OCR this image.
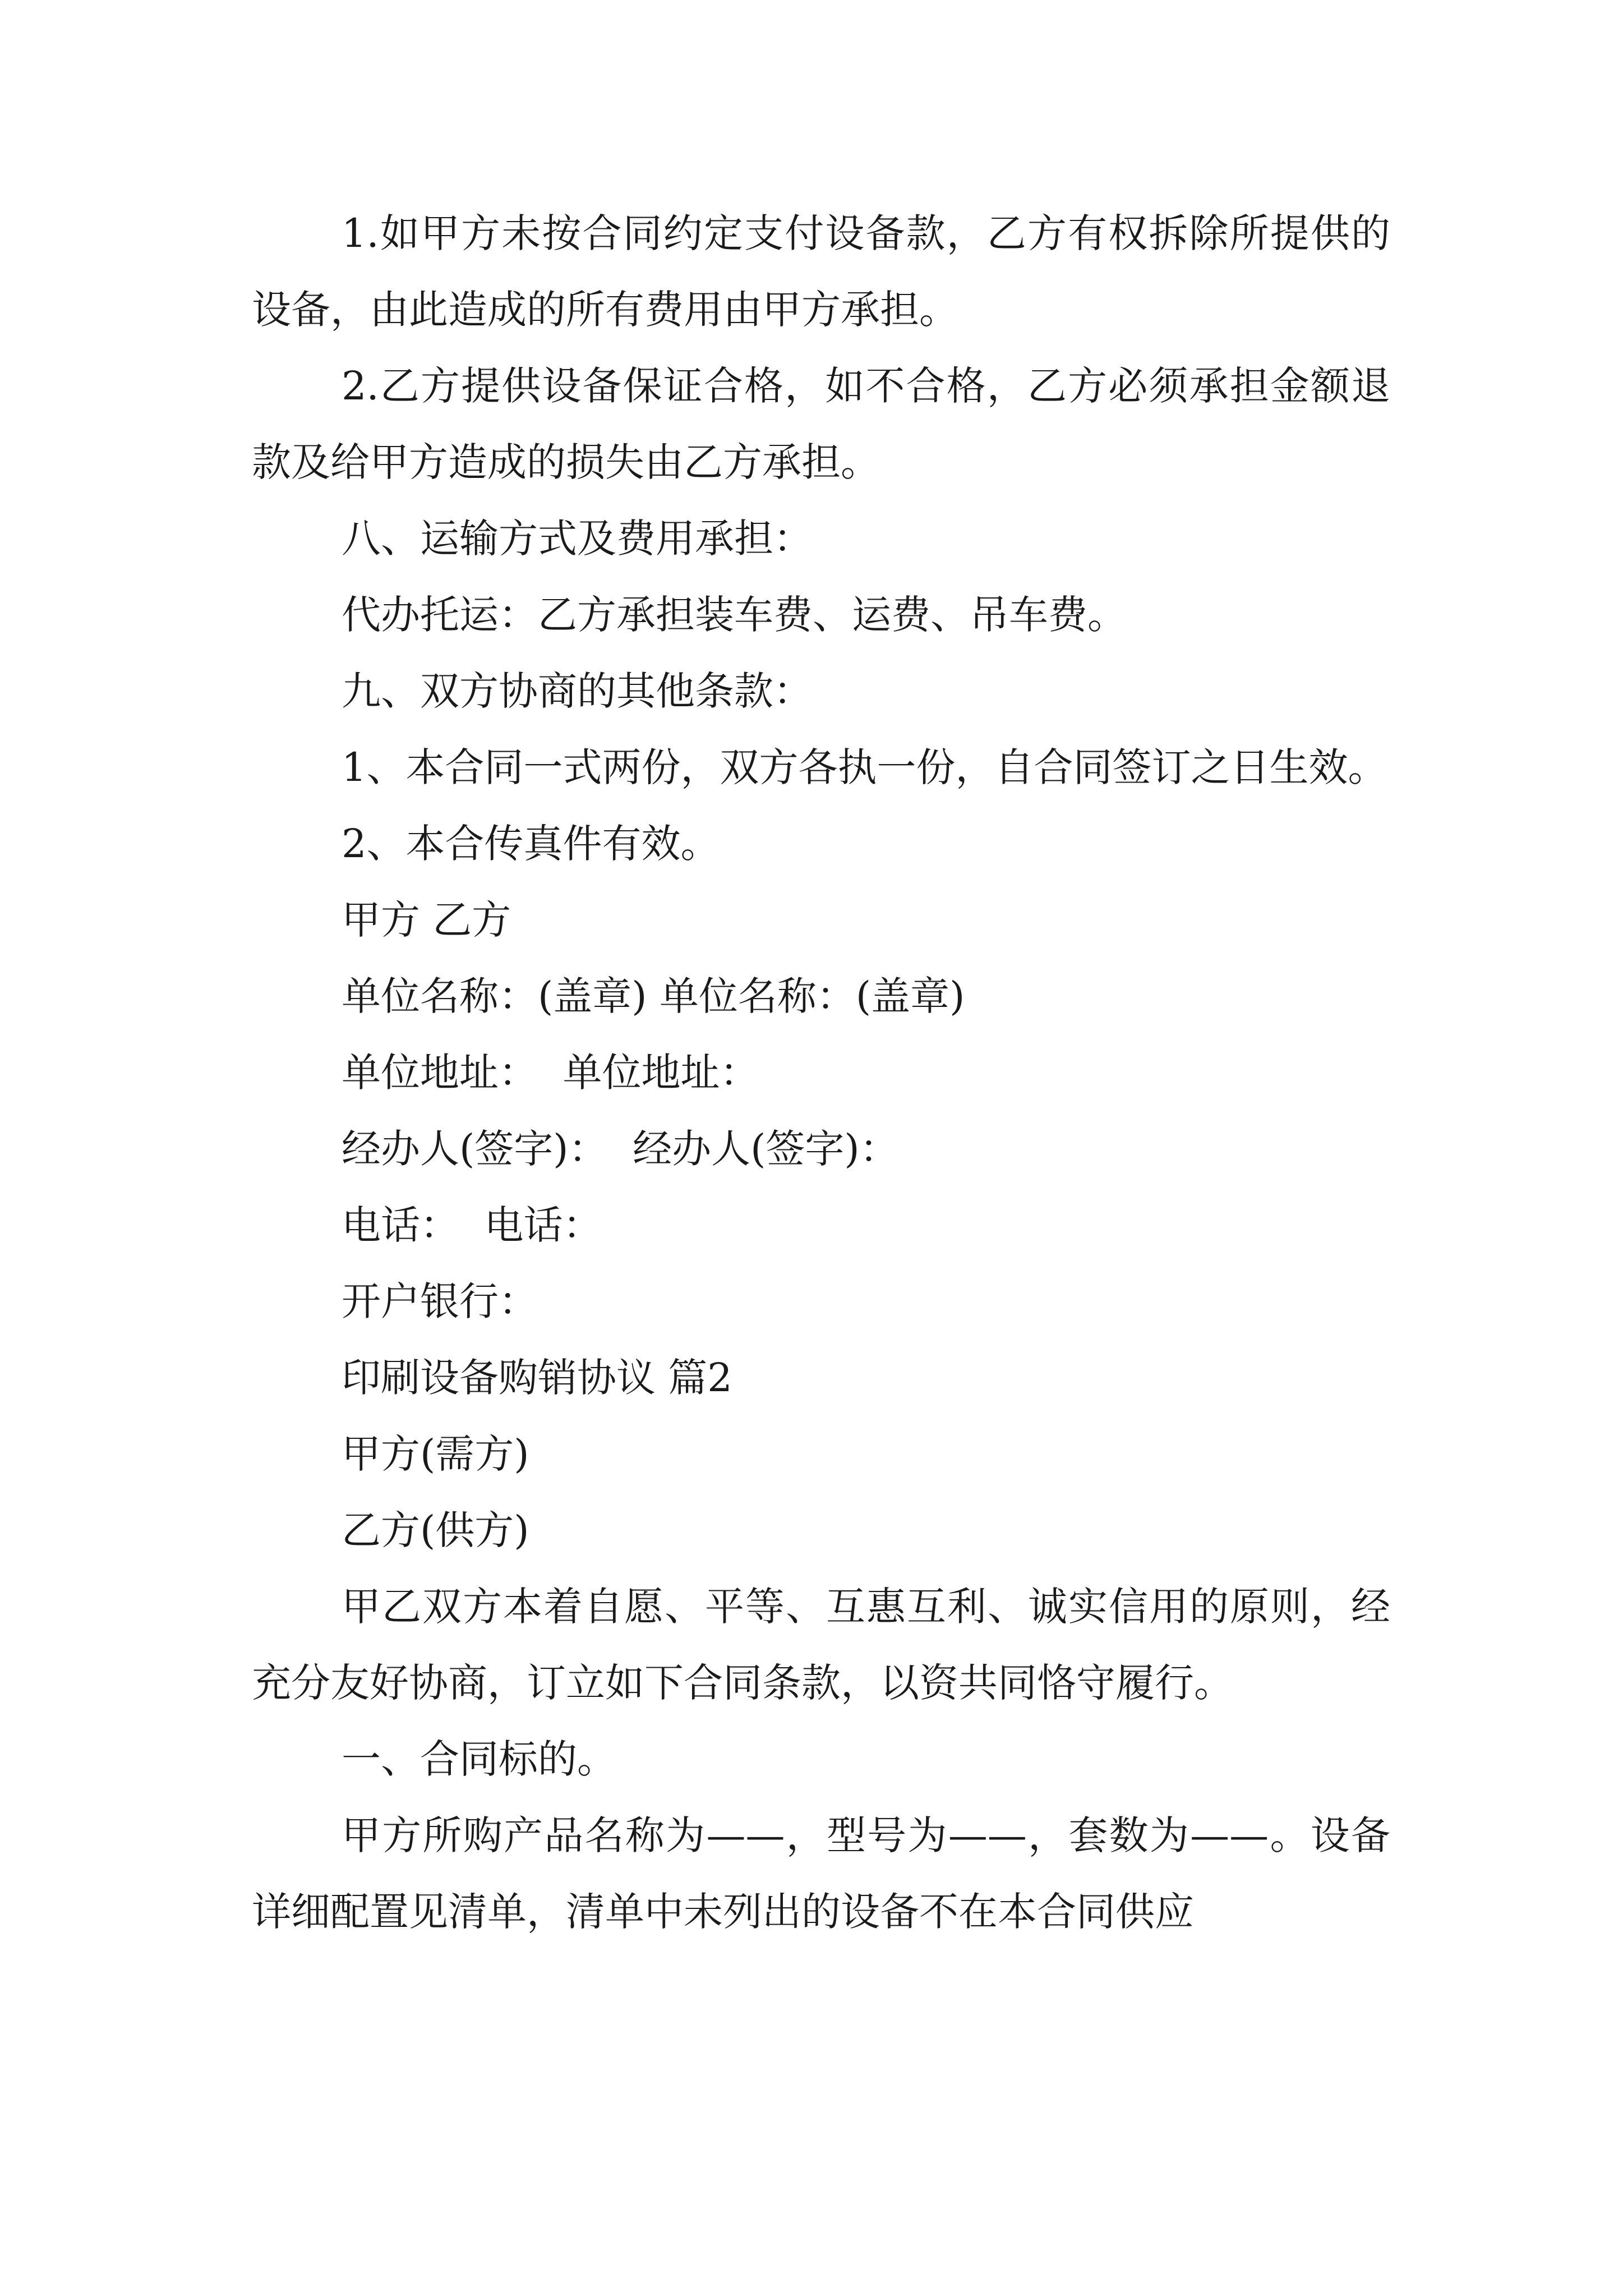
1.如甲方未按合同约定支付设备款，乙方有权拆除所提供的设备，由此造成的所有费用由甲方承担。

2.乙方提供设备保证合格，如不合格，乙方必须承担金额退款及给甲方造成的损失由乙方承担。

八、运输方式及费用承担：

代办托运：乙方承担装车费、运费、吊车费。

九、双方协商的其他条款：

1、本合同一式两份，双方各执一份，自合同签订之日生效。

2、本合传真件有效。

甲方 乙方

单位名称：(盖章) 单位名称：(盖章)

单位地址：  单位地址：

经办人(签字)：  经办人(签字)：

电话：  电话：

开户银行：

印刷设备购销协议 篇2

甲方(需方)

乙方(供方)

甲乙双方本着自愿、平等、互惠互利、诚实信用的原则，经充分友好协商，订立如下合同条款，以资共同恪守履行。

一、合同标的。

甲方所购产品名称为——，型号为——，套数为——。设备详细配置见清单，清单中未列出的设备不在本合同供应
